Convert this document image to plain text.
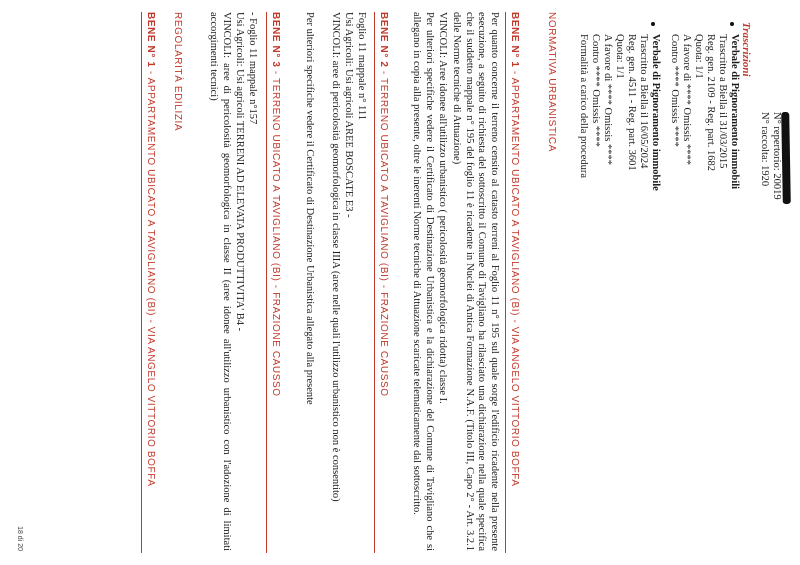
N° repertorio: 20019
N° raccolta: 1920
Trascrizioni
Verbale di Pignoramento immobili
Trascritto a Biella il 31/03/2015
Reg. gen. 2109 - Reg. part. 1682
Quota: 1/1
A favore di **** Omissis ****
Contro **** Omissis ****
Verbale di Pignoramento immobile
Trascritto a Biella il 16/05/2024
Reg. gen. 4511 - Reg. part. 3601
Quota: 1/1
A favore di **** Omissis ****
Contro **** Omissis ****
Formalità a carico della procedura
NORMATIVA URBANISTICA
BENE N° 1 - APPARTAMENTO UBICATO A TAVIGLIANO (BI) - VIA ANGELO VITTORIO BOFFA
Per quanto concerne il terreno censito al catasto terreni al Foglio 11 n° 195 sul quale sorge l'edificio ricadente nella presente esecuzione, a seguito di richiesta del sottoscritto il Comune di Tavigliano ha rilasciato una dichiarazione nella quale specifica che il suddetto mappale n° 195 del foglio 11 è ricadente in Nuclei di Antica Formazione N.A.F. (Titolo III, Capo 2° - Art. 3.2.1 delle Norme tecniche di Attuazione)
VINCOLI: Aree idonee all'utilizzo urbanistico ( pericolosità geomorfologica ridotta) classe I.
Per ulteriori specifiche vedere il Certificato di Destinazione Urbanistica e la dichiarazione del Comune di Tavigliano che si allegano in copia alla presente, oltre le inerenti Norme tecniche di Attuazione scaricate telematicamente dal sottoscritto.
BENE N° 2 - TERRENO UBICATO A TAVIGLIANO (BI) - FRAZIONE CAUSSO
Foglio 11 mappale n° 111
Usi Agricoli: Usi agricoli AREE BOSCATE E3 -
VINCOLI: aree di pericolosità geomorfologica in classe IIIA (aree nelle quali l'utilizzo urbanistico non è consentito)
Per ulteriori specifiche vedere il Certificato di Destinazione Urbanistica allegato alla presente
BENE N° 3 - TERRENO UBICATO A TAVIGLIANO (BI) - FRAZIONE CAUSSO
- Foglio 11 mappale n°157
Usi Agricoli: Usi agricoli TERRENI AD ELEVATA PRODUTTIVITA' B4 -
VINCOLI: aree di pericolosità geomorfologica in classe II (aree idonee all'utilizzo urbanistico con l'adozione di limitati accorgimenti tecnici)
REGOLARITÀ EDILIZIA
BENE N° 1 - APPARTAMENTO UBICATO A TAVIGLIANO (BI) - VIA ANGELO VITTORIO BOFFA
18 di 20
